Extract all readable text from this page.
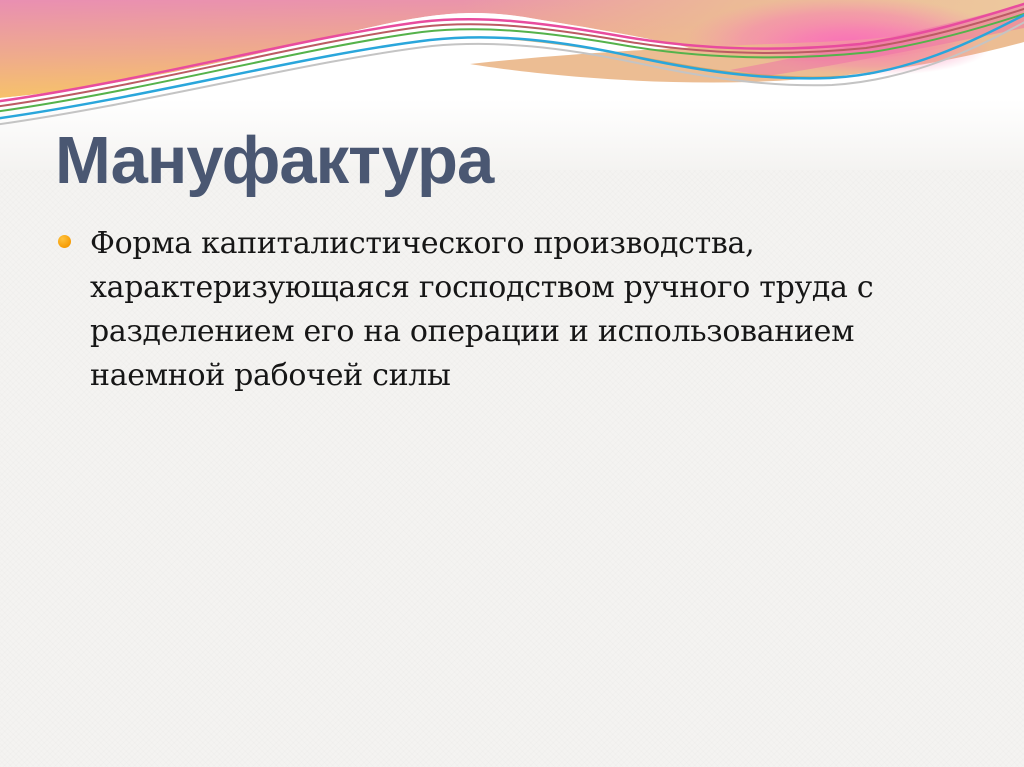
Мануфактура
Форма капиталистического производства,
характеризующаяся господством ручного труда с
разделением его на операции и использованием
наемной рабочей силы
